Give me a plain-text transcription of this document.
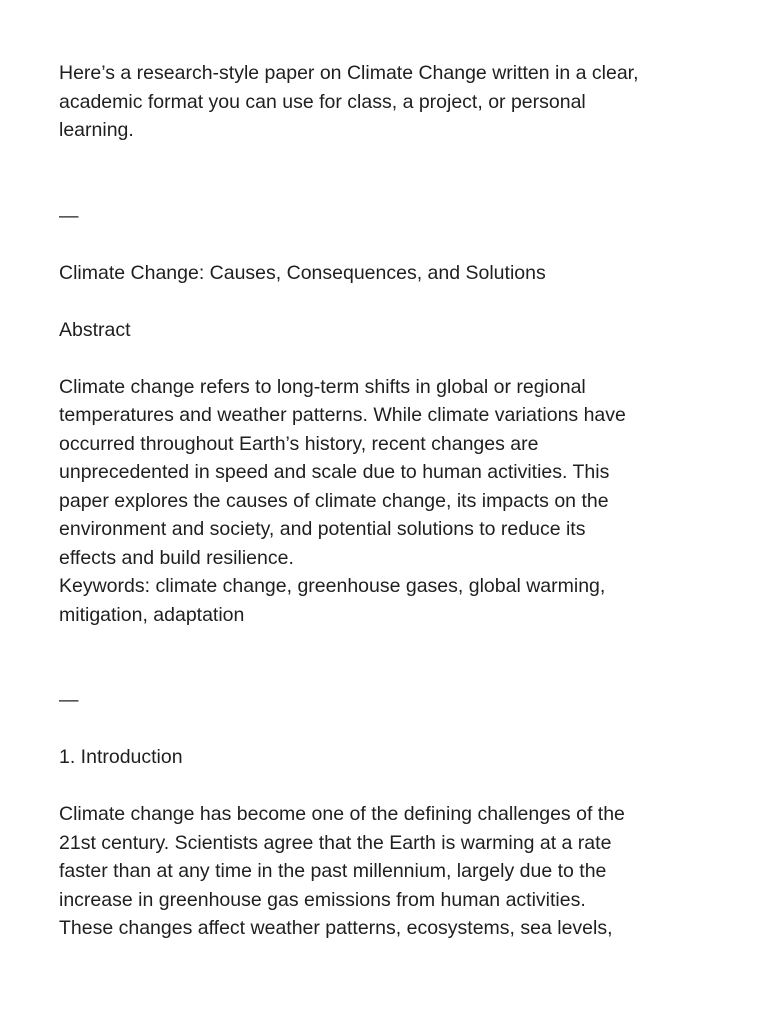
Here’s a research-style paper on Climate Change written in a clear,
academic format you can use for class, a project, or personal
learning.

—

Climate Change: Causes, Consequences, and Solutions

Abstract

Climate change refers to long-term shifts in global or regional
temperatures and weather patterns. While climate variations have
occurred throughout Earth’s history, recent changes are
unprecedented in speed and scale due to human activities. This
paper explores the causes of climate change, its impacts on the
environment and society, and potential solutions to reduce its
effects and build resilience.

Keywords: climate change, greenhouse gases, global warming,
mitigation, adaptation

—

1. Introduction

Climate change has become one of the defining challenges of the
21st century. Scientists agree that the Earth is warming at a rate
faster than at any time in the past millennium, largely due to the
increase in greenhouse gas emissions from human activities.
These changes affect weather patterns, ecosystems, sea levels,
